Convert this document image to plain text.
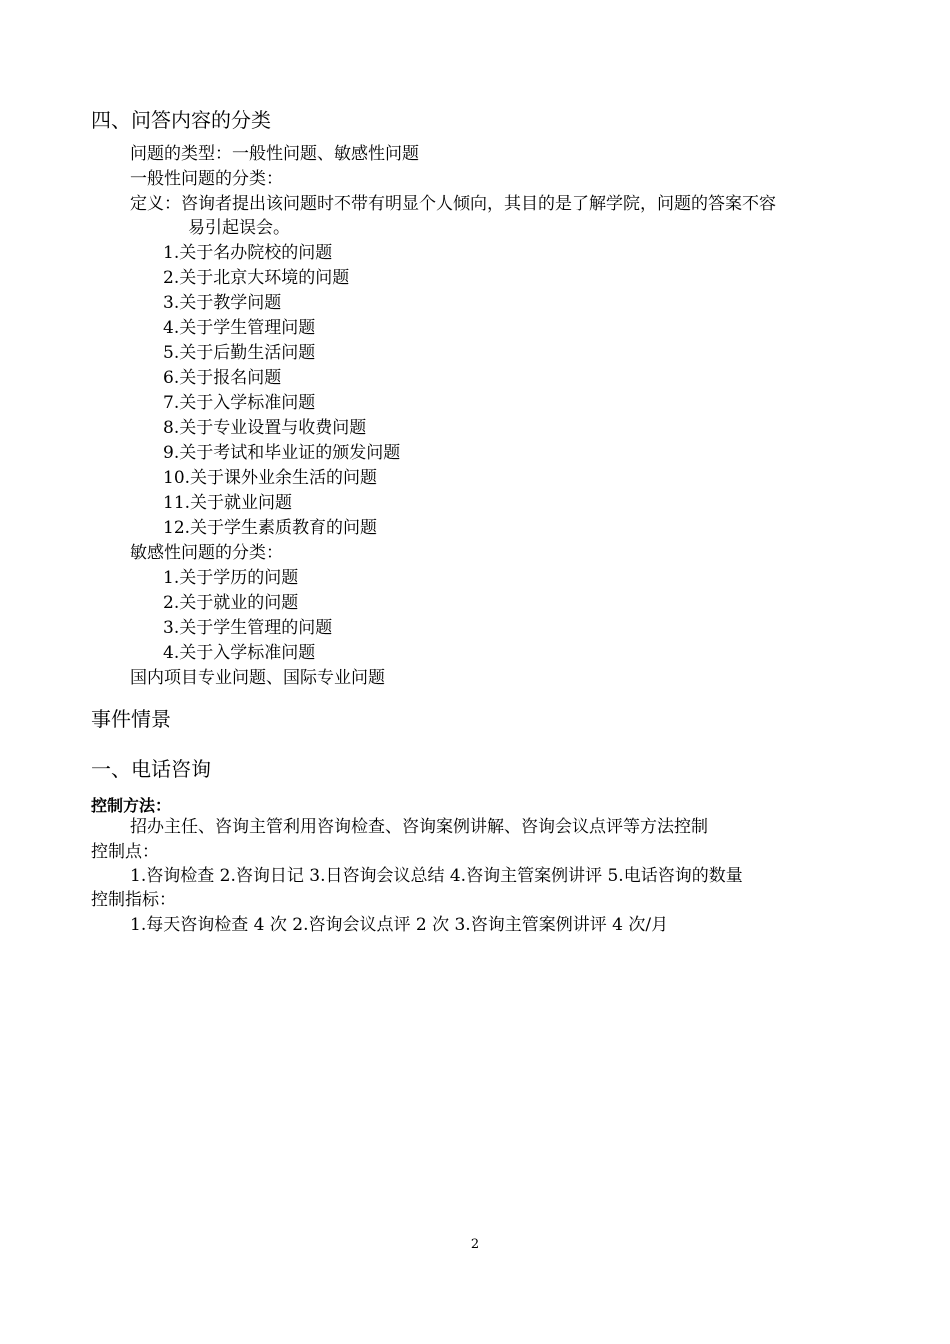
四、问答内容的分类
问题的类型：一般性问题、敏感性问题
一般性问题的分类：
定义：咨询者提出该问题时不带有明显个人倾向，其目的是了解学院，问题的答案不容
易引起误会。
1.关于名办院校的问题
2.关于北京大环境的问题
3.关于教学问题
4.关于学生管理问题
5.关于后勤生活问题
6.关于报名问题
7.关于入学标准问题
8.关于专业设置与收费问题
9.关于考试和毕业证的颁发问题
10.关于课外业余生活的问题
11.关于就业问题
12.关于学生素质教育的问题
敏感性问题的分类：
1.关于学历的问题
2.关于就业的问题
3.关于学生管理的问题
4.关于入学标准问题
国内项目专业问题、国际专业问题
事件情景
一、电话咨询
控制方法：
招办主任、咨询主管利用咨询检查、咨询案例讲解、咨询会议点评等方法控制
控制点：
1.咨询检查 2.咨询日记 3.日咨询会议总结 4.咨询主管案例讲评 5.电话咨询的数量
控制指标：
1.每天咨询检查 4 次 2.咨询会议点评 2 次 3.咨询主管案例讲评 4 次/月
2
